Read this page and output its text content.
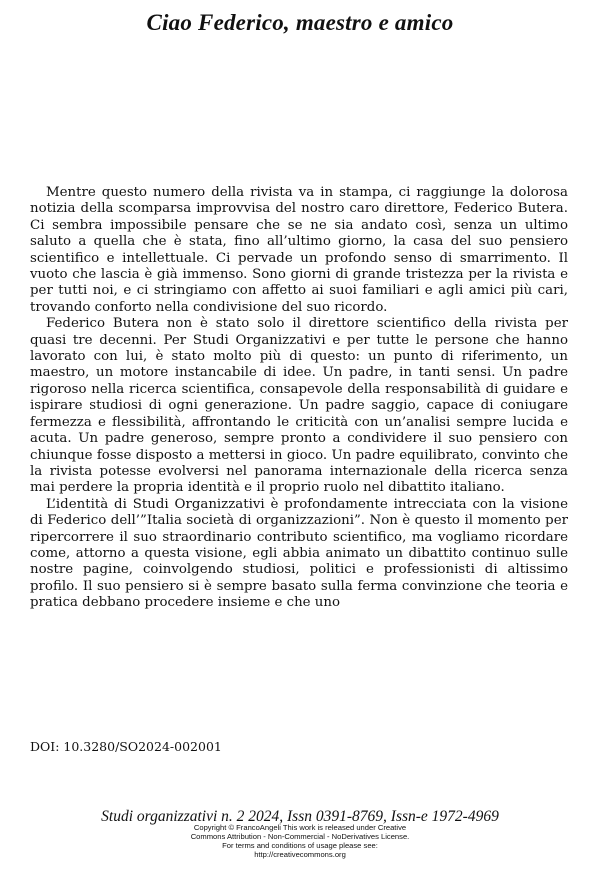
Ciao Federico, maestro e amico

Mentre questo numero della rivista va in stampa, ci raggiunge la dolorosa notizia della scomparsa improvvisa del nostro caro direttore, Federico Butera. Ci sembra impossibile pensare che se ne sia andato così, senza un ultimo saluto a quella che è stata, fino all’ultimo giorno, la casa del suo pensiero scientifico e intellettuale. Ci pervade un profondo senso di smarrimento. Il vuoto che lascia è già immenso. Sono giorni di grande tristezza per la rivista e per tutti noi, e ci stringiamo con affetto ai suoi familiari e agli amici più cari, trovando conforto nella condivisione del suo ricordo.

Federico Butera non è stato solo il direttore scientifico della rivista per quasi tre decenni. Per Studi Organizzativi e per tutte le persone che hanno lavorato con lui, è stato molto più di questo: un punto di riferimento, un maestro, un motore instancabile di idee. Un padre, in tanti sensi. Un padre rigoroso nella ricerca scientifica, consapevole della responsabilità di guidare e ispirare studiosi di ogni generazione. Un padre saggio, capace di coniugare fermezza e flessibilità, affrontando le criticità con un’analisi sempre lucida e acuta. Un padre generoso, sempre pronto a condividere il suo pensiero con chiunque fosse disposto a mettersi in gioco. Un padre equilibrato, convinto che la rivista potesse evolversi nel panorama internazionale della ricerca senza mai perdere la propria identità e il proprio ruolo nel dibattito italiano.

L’identità di Studi Organizzativi è profondamente intrecciata con la visione di Federico dell’”Italia società di organizzazioni”. Non è questo il momento per ripercorrere il suo straordinario contributo scientifico, ma vogliamo ricordare come, attorno a questa visione, egli abbia animato un dibattito continuo sulle nostre pagine, coinvolgendo studiosi, politici e professionisti di altissimo profilo. Il suo pensiero si è sempre basato sulla ferma convinzione che teoria e pratica debbano procedere insieme e che uno

DOI: 10.3280/SO2024-002001
Studi organizzativi n. 2 2024, Issn 0391-8769, Issn-e 1972-4969
Copyright © FrancoAngeli This work is released under Creative
Commons Attribution - Non-Commercial - NoDerivatives License.
For terms and conditions of usage please see:
http://creativecommons.org
